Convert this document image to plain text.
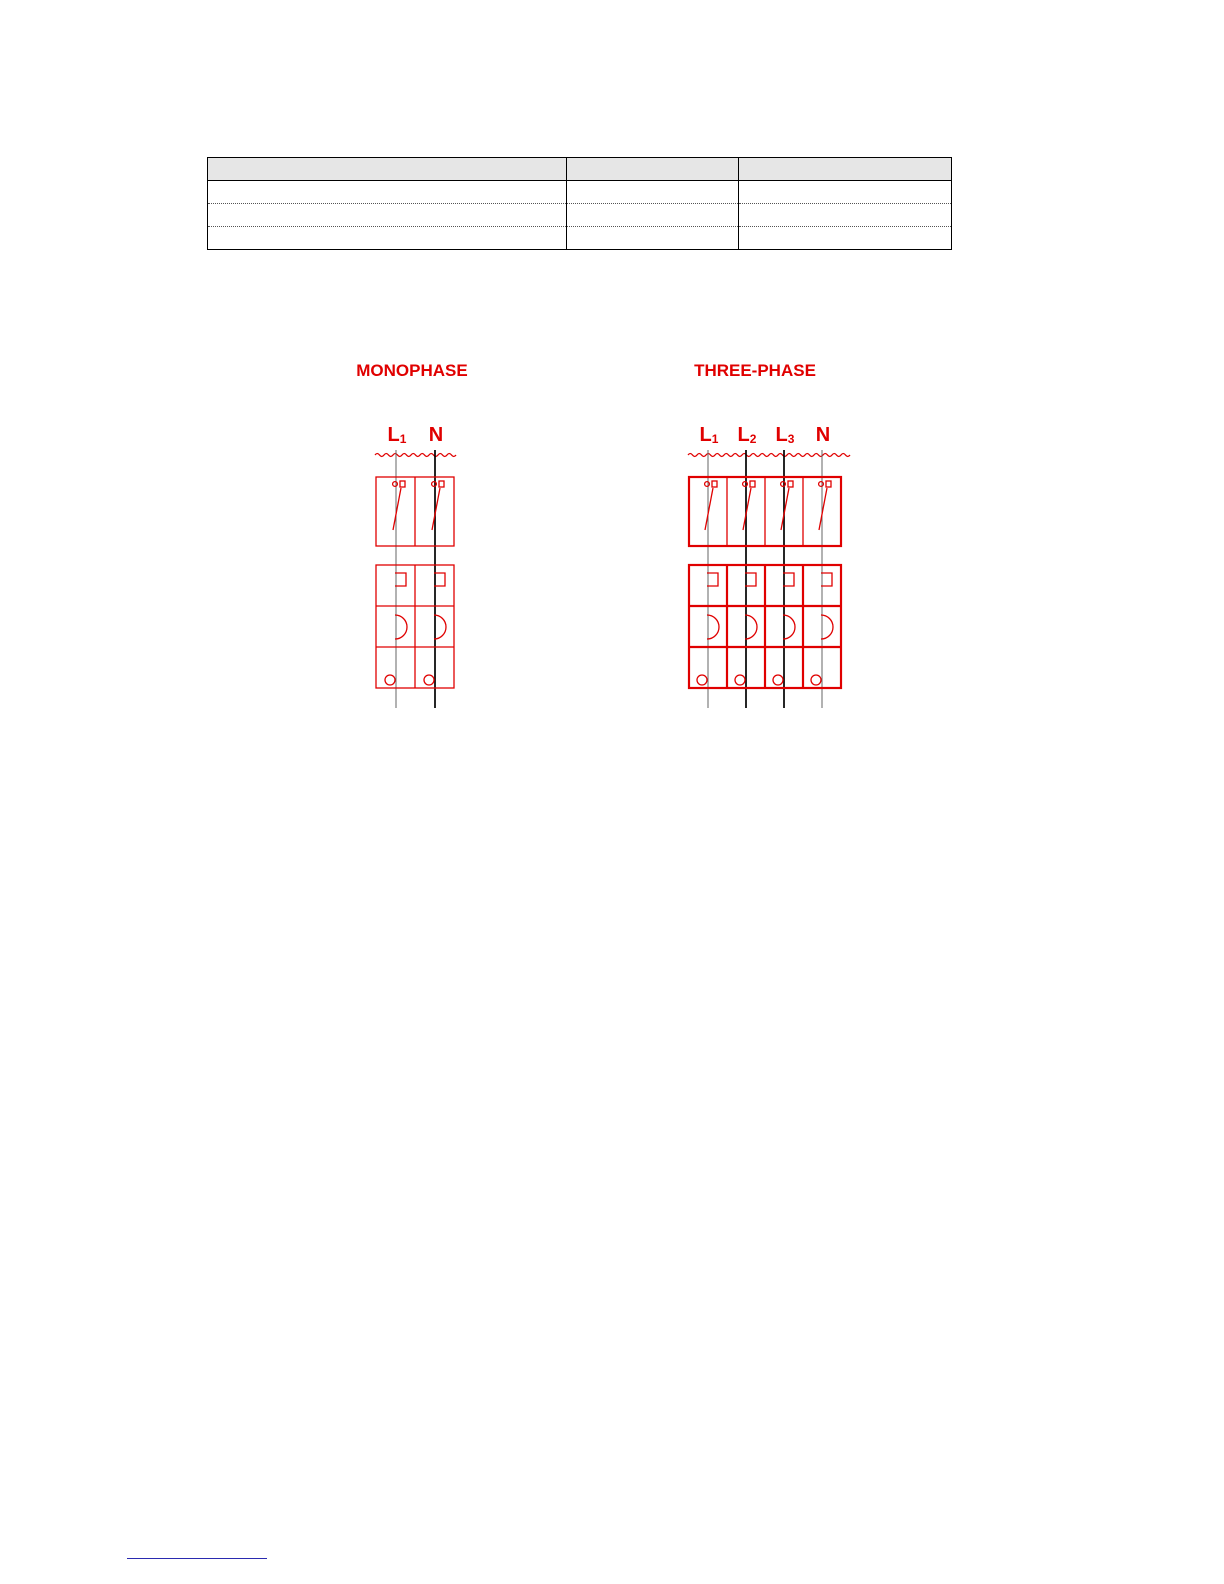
MONOPHASE
L1 N
THREE-PHASE
L1 L2 L3 N
